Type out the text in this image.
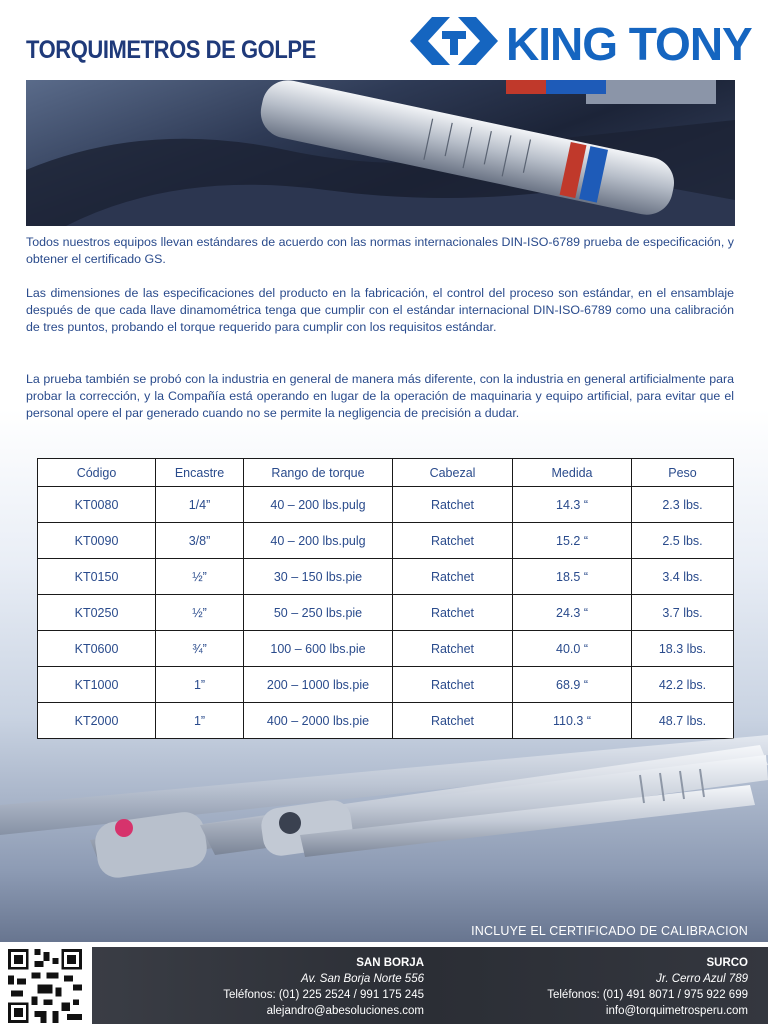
TORQUIMETROS DE GOLPE	KING TONY

Todos nuestros equipos llevan estándares de acuerdo con las normas internacionales DIN-ISO-6789 prueba de especificación, y obtener el certificado GS.

Las dimensiones de las especificaciones del producto en la fabricación, el control del proceso son estándar, en el ensamblaje después de que cada llave dinamométrica tenga que cumplir con el estándar internacional DIN-ISO-6789 como una calibración de tres puntos, probando el torque requerido para cumplir con los requisitos estándar.

La prueba también se probó con la industria en general de manera más diferente, con la industria en general artificialmente para probar la corrección, y la Compañía está operando en lugar de la operación de maquinaria y equipo artificial, para evitar que el personal opere el par generado cuando no se permite la negligencia de precisión a dudar.

Código	Encastre	Rango de torque	Cabezal	Medida	Peso
KT0080	1/4”	40 – 200 lbs.pulg	Ratchet	14.3 “	2.3 lbs.
KT0090	3/8”	40 – 200 lbs.pulg	Ratchet	15.2 “	2.5 lbs.
KT0150	½”	30 – 150 lbs.pie	Ratchet	18.5 “	3.4 lbs.
KT0250	½”	50 – 250 lbs.pie	Ratchet	24.3 “	3.7 lbs.
KT0600	¾”	100 – 600 lbs.pie	Ratchet	40.0 “	18.3 lbs.
KT1000	1”	200 – 1000 lbs.pie	Ratchet	68.9 “	42.2 lbs.
KT2000	1”	400 – 2000 lbs.pie	Ratchet	110.3 “	48.7 lbs.
INCLUYE EL CERTIFICADO DE CALIBRACION
SAN BORJA
Av. San Borja Norte 556
Teléfonos: (01) 225 2524 / 991 175 245
alejandro@abesoluciones.com
SURCO
Jr. Cerro Azul 789
Teléfonos: (01) 491 8071 / 975 922 699
info@torquimetrosperu.com
